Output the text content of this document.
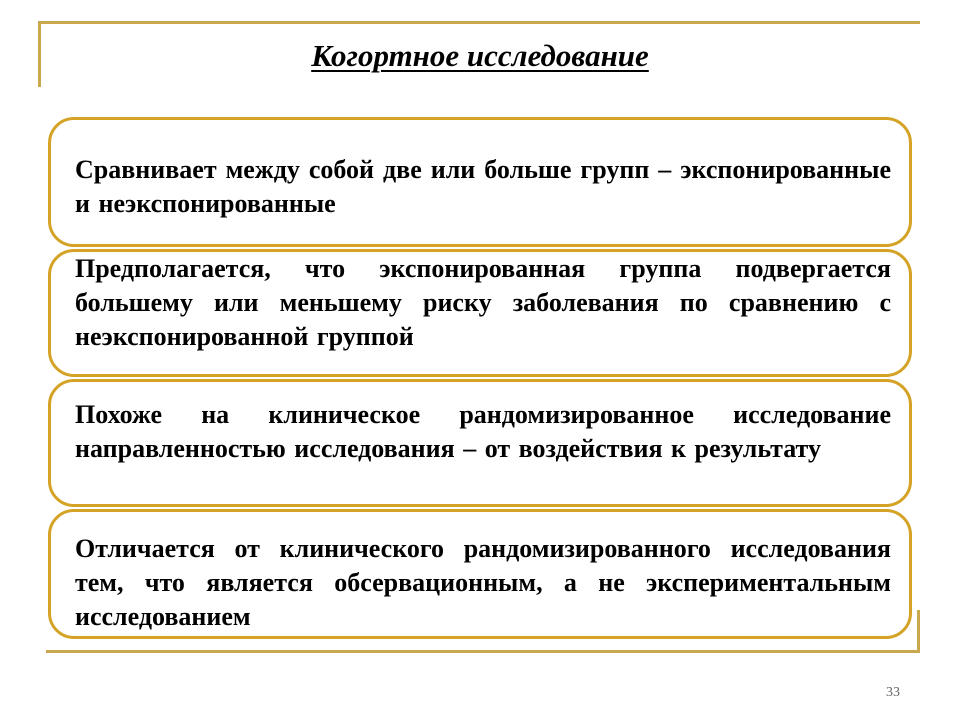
Когортное исследование
Сравнивает между собой две или больше групп – экспонированные и неэкспонированные
Предполагается, что экспонированная группа подвергается большему или меньшему риску заболевания по сравнению с неэкспонированной группой
Похоже на клиническое рандомизированное исследование направленностью исследования – от воздействия к результату
Отличается от клинического рандомизированного исследования тем, что является обсервационным, а не экспериментальным исследованием
33
